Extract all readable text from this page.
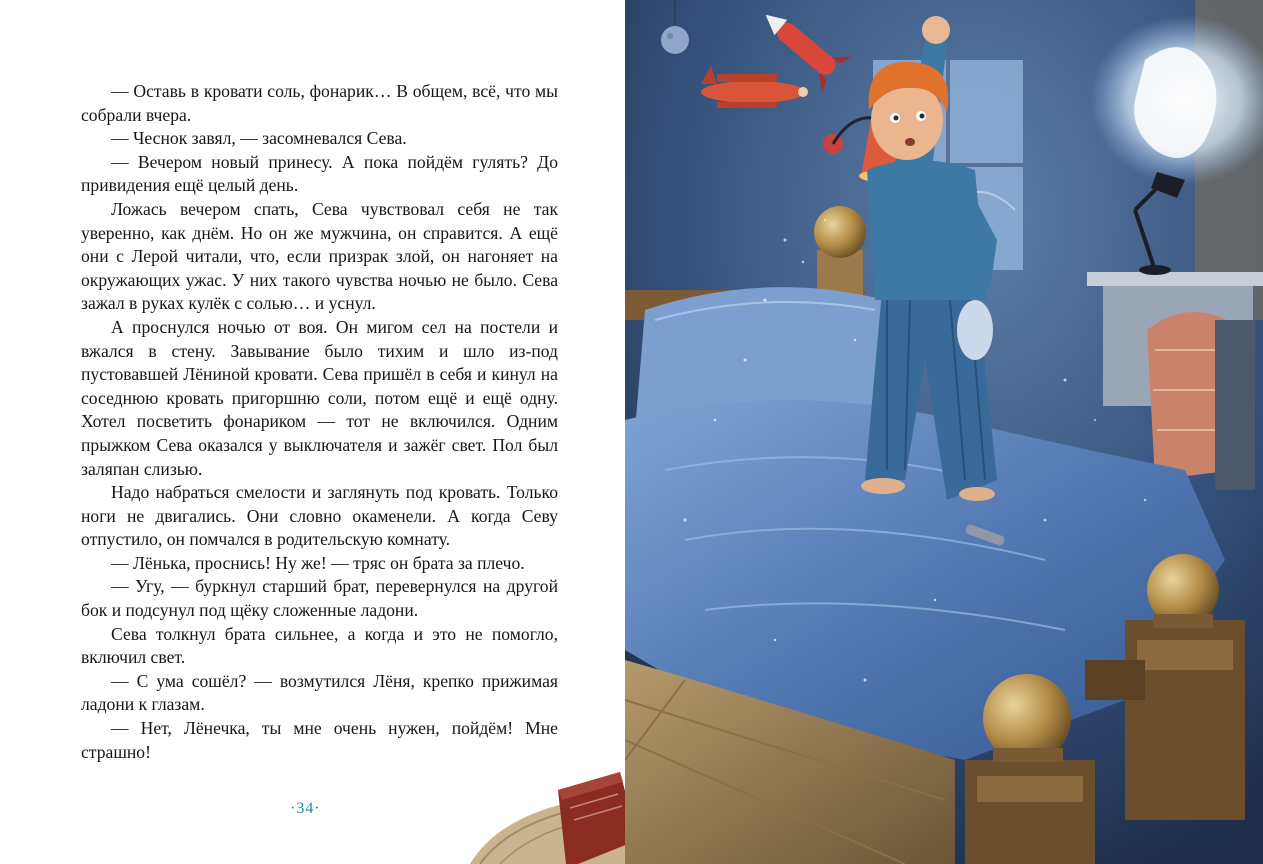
— Оставь в кровати соль, фонарик… В общем, всё, что мы собрали вчера.

— Чеснок завял, — засомневался Сева.

— Вечером новый принесу. А пока пойдём гулять? До привидения ещё целый день.

Ложась вечером спать, Сева чувствовал себя не так уверенно, как днём. Но он же мужчина, он справится. А ещё они с Лерой читали, что, если призрак злой, он нагоняет на окружающих ужас. У них такого чувства ночью не было. Сева зажал в руках кулёк с солью… и уснул.

А проснулся ночью от воя. Он мигом сел на постели и вжался в стену. Завывание было тихим и шло из-под пустовавшей Лёниной кровати. Сева пришёл в себя и кинул на соседнюю кровать пригоршню соли, потом ещё и ещё одну. Хотел посветить фонариком — тот не включился. Одним прыжком Сева оказался у выключателя и зажёг свет. Пол был заляпан слизью.

Надо набраться смелости и заглянуть под кровать. Только ноги не двигались. Они словно окаменели. А когда Севу отпустило, он помчался в родительскую комнату.

— Лёнька, проснись! Ну же! — тряс он брата за плечо.

— Угу, — буркнул старший брат, перевернулся на другой бок и подсунул под щёку сложенные ладони.

Сева толкнул брата сильнее, а когда и это не помогло, включил свет.

— С ума сошёл? — возмутился Лёня, крепко прижимая ладони к глазам.

— Нет, Лёнечка, ты мне очень нужен, пойдём! Мне страшно!

·34·
